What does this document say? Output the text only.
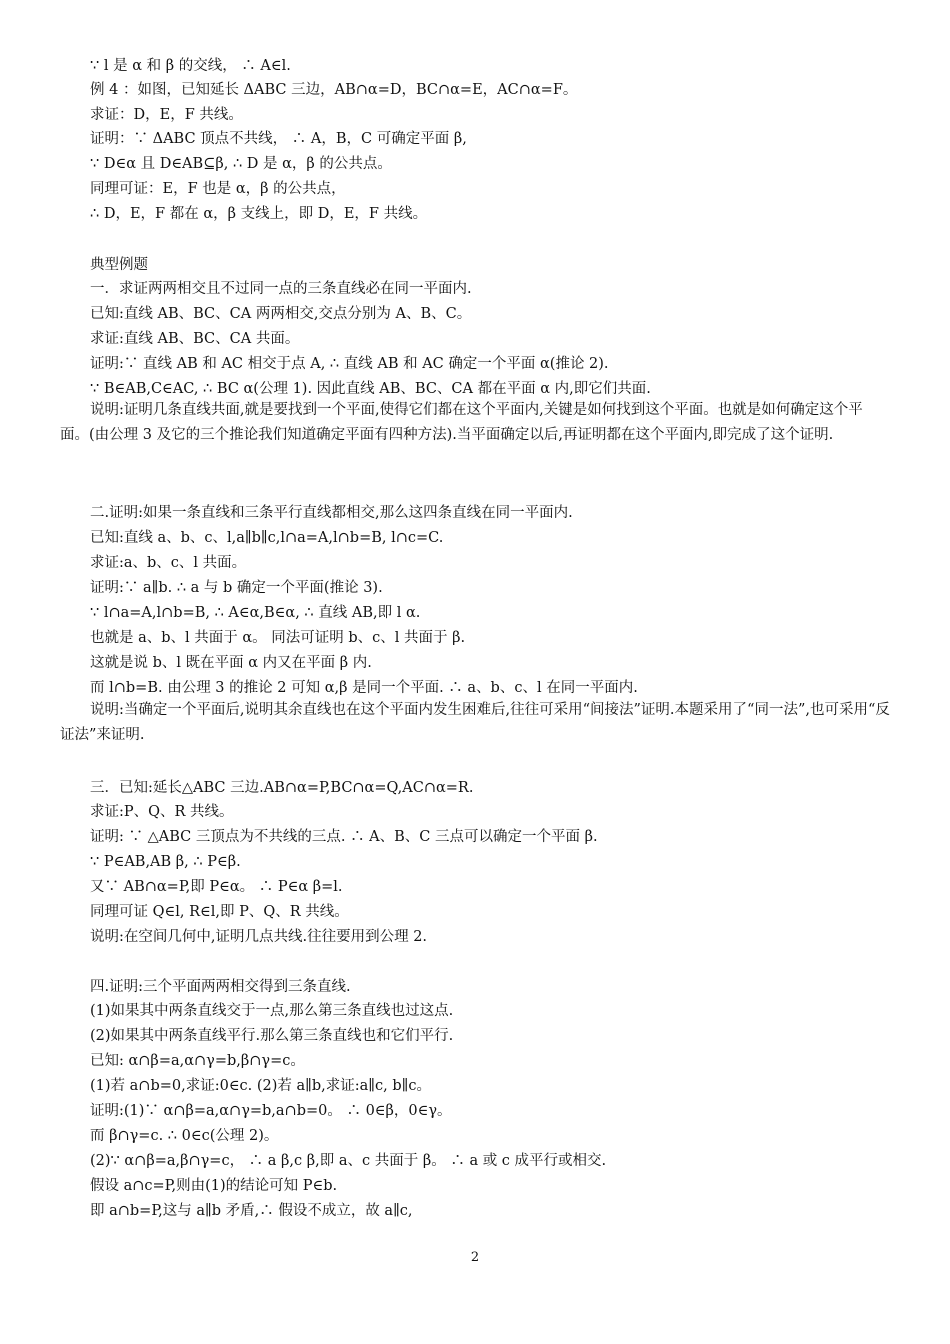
∵ l 是 α 和 β 的交线， ∴ A∈l.
例 4 ：如图，已知延长 ΔABC 三边，AB∩α=D，BC∩α=E，AC∩α=F。
求证：D，E，F 共线。
证明：∵ ΔABC 顶点不共线， ∴ A，B，C 可确定平面 β,
∵ D∈α 且 D∈AB⊆β, ∴ D 是 α，β 的公共点。
同理可证：E，F 也是 α，β 的公共点，
∴ D，E，F 都在 α，β 支线上，即 D，E，F 共线。
典型例题
一．求证两两相交且不过同一点的三条直线必在同一平面内.
已知:直线 AB、BC、CA 两两相交,交点分别为 A、B、C。
求证:直线 AB、BC、CA 共面。
证明:∵ 直线 AB 和 AC 相交于点 A, ∴ 直线 AB 和 AC 确定一个平面 α(推论 2).
∵ B∈AB,C∈AC, ∴ BC α(公理 1). 因此直线 AB、BC、CA 都在平面 α 内,即它们共面.
说明:证明几条直线共面,就是要找到一个平面,使得它们都在这个平面内,关键是如何找到这个平面。也就是如何确定这个平面。(由公理 3 及它的三个推论我们知道确定平面有四种方法).当平面确定以后,再证明都在这个平面内,即完成了这个证明.
二.证明:如果一条直线和三条平行直线都相交,那么这四条直线在同一平面内.
已知:直线 a、b、c、l,a∥b∥c,l∩a=A,l∩b=B, l∩c=C.
求证:a、b、c、l 共面。
证明:∵ a∥b. ∴ a 与 b 确定一个平面(推论 3).
∵ l∩a=A,l∩b=B, ∴ A∈α,B∈α, ∴ 直线 AB,即 l α.
也就是 a、b、l 共面于 α。 同法可证明 b、c、l 共面于 β.
这就是说 b、l 既在平面 α 内又在平面 β 内.
而 l∩b=B. 由公理 3 的推论 2 可知 α,β 是同一个平面. ∴ a、b、c、l 在同一平面内.
说明:当确定一个平面后,说明其余直线也在这个平面内发生困难后,往往可采用“间接法”证明.本题采用了“同一法”,也可采用“反证法”来证明.
三．已知:延长△ABC 三边.AB∩α=P,BC∩α=Q,AC∩α=R.
求证:P、Q、R 共线。
证明: ∵ △ABC 三顶点为不共线的三点. ∴ A、B、C 三点可以确定一个平面 β.
∵ P∈AB,AB β, ∴ P∈β.
又∵ AB∩α=P,即 P∈α。 ∴ P∈α β=l.
同理可证 Q∈l, R∈l,即 P、Q、R 共线。
说明:在空间几何中,证明几点共线.往往要用到公理 2.
四.证明:三个平面两两相交得到三条直线.
(1)如果其中两条直线交于一点,那么第三条直线也过这点.
(2)如果其中两条直线平行.那么第三条直线也和它们平行.
已知: α∩β=a,α∩γ=b,β∩γ=c。
(1)若 a∩b=0,求证:0∈c. (2)若 a∥b,求证:a∥c, b∥c。
证明:(1)∵ α∩β=a,α∩γ=b,a∩b=0。 ∴ 0∈β，0∈γ。
而 β∩γ=c. ∴ 0∈c(公理 2)。
(2)∵ α∩β=a,β∩γ=c， ∴ a β,c β,即 a、c 共面于 β。 ∴ a 或 c 成平行或相交.
假设 a∩c=P,则由(1)的结论可知 P∈b.
即 a∩b=P,这与 a∥b 矛盾,∴ 假设不成立，故 a∥c,
2
